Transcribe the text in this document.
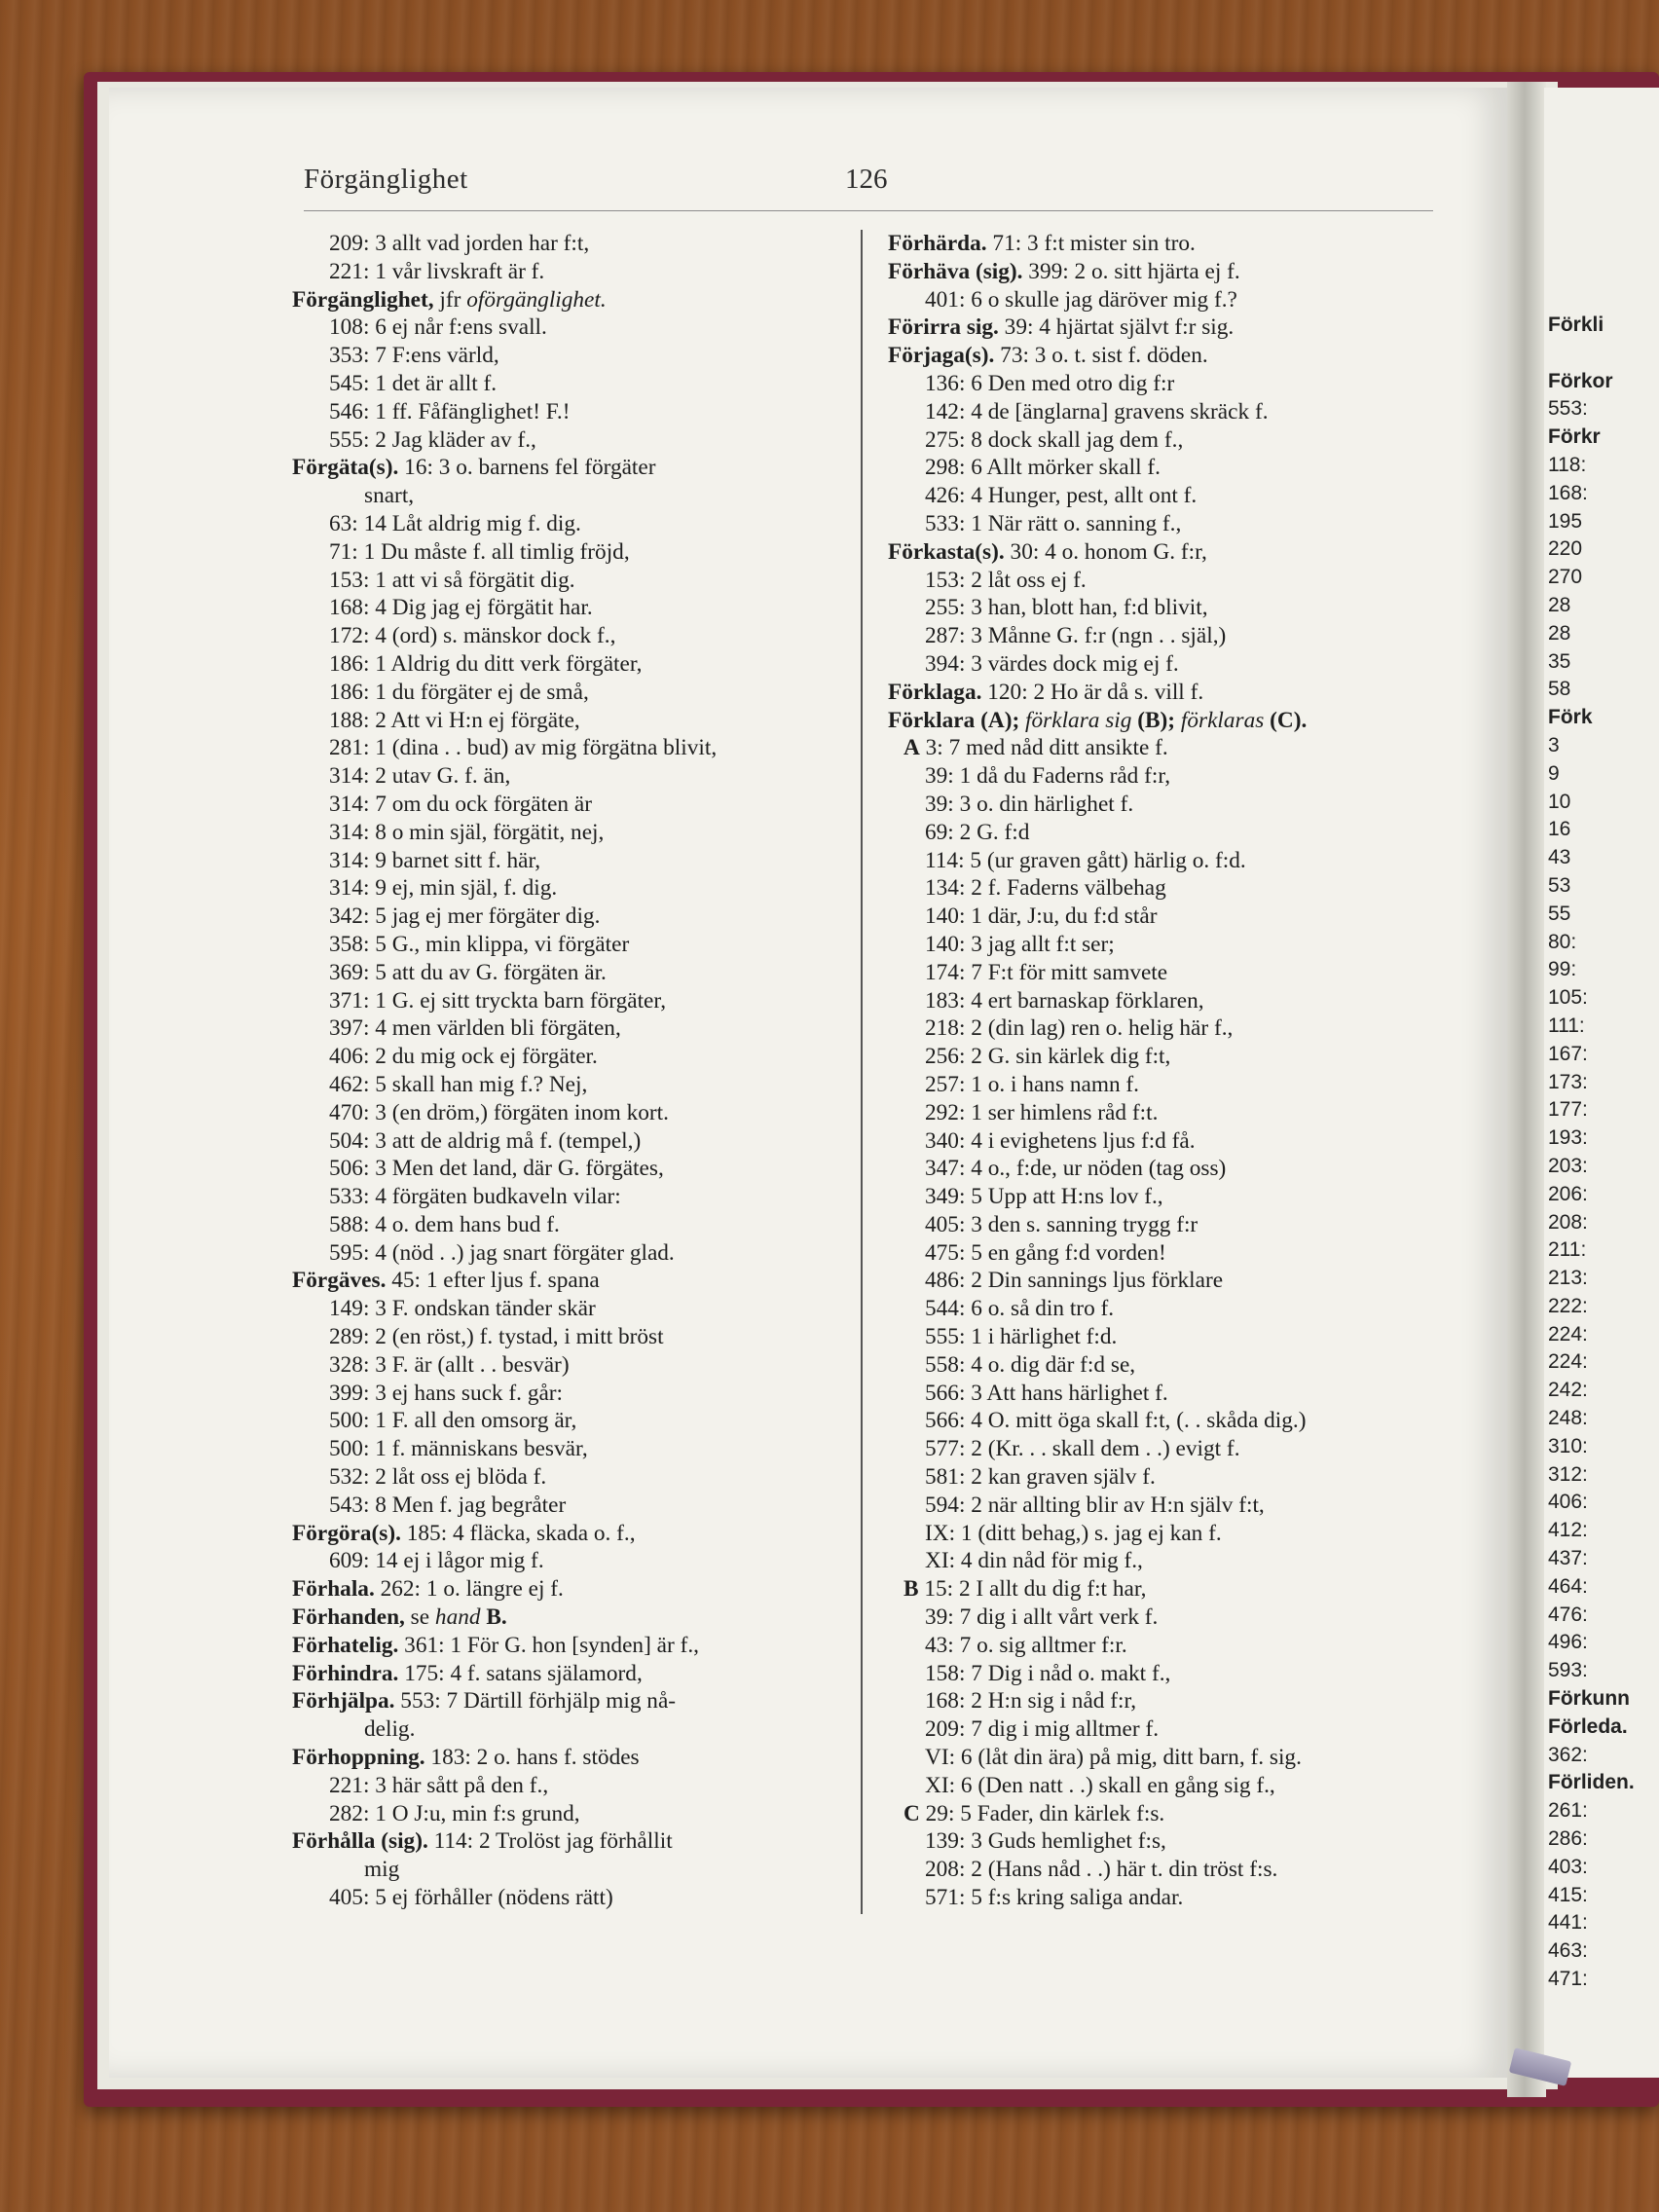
Förkli
Förkor
553:
Förkr
118:
168:
195
220
270
28
28
35
58
Förk
3
9
10
16
43
53
55
80:
99:
105:
111:
167:
173:
177:
193:
203:
206:
208:
211:
213:
222:
224:
224:
242:
248:
310:
312:
406:
412:
437:
464:
476:
496:
593:
Förkunn
Förleda.
362:
Förliden.
261:
286:
403:
415:
441:
463:
471:
Förgänglighet	126
209: 3 allt vad jorden har f:t,
221: 1 vår livskraft är f.
Förgänglighet, jfr oförgänglighet.
108: 6 ej når f:ens svall.
353: 7 F:ens värld,
545: 1 det är allt f.
546: 1 ff. Fåfänglighet! F.!
555: 2 Jag kläder av f.,
Förgäta(s). 16: 3 o. barnens fel förgäter
snart,
63: 14 Låt aldrig mig f. dig.
71: 1 Du måste f. all timlig fröjd,
153: 1 att vi så förgätit dig.
168: 4 Dig jag ej förgätit har.
172: 4 (ord) s. mänskor dock f.,
186: 1 Aldrig du ditt verk förgäter,
186: 1 du förgäter ej de små,
188: 2 Att vi H:n ej förgäte,
281: 1 (dina . . bud) av mig förgätna blivit,
314: 2 utav G. f. än,
314: 7 om du ock förgäten är
314: 8 o min själ, förgätit, nej,
314: 9 barnet sitt f. här,
314: 9 ej, min själ, f. dig.
342: 5 jag ej mer förgäter dig.
358: 5 G., min klippa, vi förgäter
369: 5 att du av G. förgäten är.
371: 1 G. ej sitt tryckta barn förgäter,
397: 4 men världen bli förgäten,
406: 2 du mig ock ej förgäter.
462: 5 skall han mig f.? Nej,
470: 3 (en dröm,) förgäten inom kort.
504: 3 att de aldrig må f. (tempel,)
506: 3 Men det land, där G. förgätes,
533: 4 förgäten budkaveln vilar:
588: 4 o. dem hans bud f.
595: 4 (nöd . .) jag snart förgäter glad.
Förgäves. 45: 1 efter ljus f. spana
149: 3 F. ondskan tänder skär
289: 2 (en röst,) f. tystad, i mitt bröst
328: 3 F. är (allt . . besvär)
399: 3 ej hans suck f. går:
500: 1 F. all den omsorg är,
500: 1 f. människans besvär,
532: 2 låt oss ej blöda f.
543: 8 Men f. jag begråter
Förgöra(s). 185: 4 fläcka, skada o. f.,
609: 14 ej i lågor mig f.
Förhala. 262: 1 o. längre ej f.
Förhanden, se hand B.
Förhatelig. 361: 1 För G. hon [synden] är f.,
Förhindra. 175: 4 f. satans själamord,
Förhjälpa. 553: 7 Därtill förhjälp mig nå-
delig.
Förhoppning. 183: 2 o. hans f. stödes
221: 3 här sått på den f.,
282: 1 O J:u, min f:s grund,
Förhålla (sig). 114: 2 Trolöst jag förhållit
mig
405: 5 ej förhåller (nödens rätt)
Förhärda. 71: 3 f:t mister sin tro.
Förhäva (sig). 399: 2 o. sitt hjärta ej f.
401: 6 o skulle jag däröver mig f.?
Förirra sig. 39: 4 hjärtat självt f:r sig.
Förjaga(s). 73: 3 o. t. sist f. döden.
136: 6 Den med otro dig f:r
142: 4 de [änglarna] gravens skräck f.
275: 8 dock skall jag dem f.,
298: 6 Allt mörker skall f.
426: 4 Hunger, pest, allt ont f.
533: 1 När rätt o. sanning f.,
Förkasta(s). 30: 4 o. honom G. f:r,
153: 2 låt oss ej f.
255: 3 han, blott han, f:d blivit,
287: 3 Månne G. f:r (ngn . . själ,)
394: 3 värdes dock mig ej f.
Förklaga. 120: 2 Ho är då s. vill f.
Förklara (A); förklara sig (B); förklaras (C).
A 3: 7 med nåd ditt ansikte f.
39: 1 då du Faderns råd f:r,
39: 3 o. din härlighet f.
69: 2 G. f:d
114: 5 (ur graven gått) härlig o. f:d.
134: 2 f. Faderns välbehag
140: 1 där, J:u, du f:d står
140: 3 jag allt f:t ser;
174: 7 F:t för mitt samvete
183: 4 ert barnaskap förklaren,
218: 2 (din lag) ren o. helig här f.,
256: 2 G. sin kärlek dig f:t,
257: 1 o. i hans namn f.
292: 1 ser himlens råd f:t.
340: 4 i evighetens ljus f:d få.
347: 4 o., f:de, ur nöden (tag oss)
349: 5 Upp att H:ns lov f.,
405: 3 den s. sanning trygg f:r
475: 5 en gång f:d vorden!
486: 2 Din sannings ljus förklare
544: 6 o. så din tro f.
555: 1 i härlighet f:d.
558: 4 o. dig där f:d se,
566: 3 Att hans härlighet f.
566: 4 O. mitt öga skall f:t, (. . skåda dig.)
577: 2 (Kr. . . skall dem . .) evigt f.
581: 2 kan graven själv f.
594: 2 när allting blir av H:n själv f:t,
IX: 1 (ditt behag,) s. jag ej kan f.
XI: 4 din nåd för mig f.,
B 15: 2 I allt du dig f:t har,
39: 7 dig i allt vårt verk f.
43: 7 o. sig alltmer f:r.
158: 7 Dig i nåd o. makt f.,
168: 2 H:n sig i nåd f:r,
209: 7 dig i mig alltmer f.
VI: 6 (låt din ära) på mig, ditt barn, f. sig.
XI: 6 (Den natt . .) skall en gång sig f.,
C 29: 5 Fader, din kärlek f:s.
139: 3 Guds hemlighet f:s,
208: 2 (Hans nåd . .) här t. din tröst f:s.
571: 5 f:s kring saliga andar.
